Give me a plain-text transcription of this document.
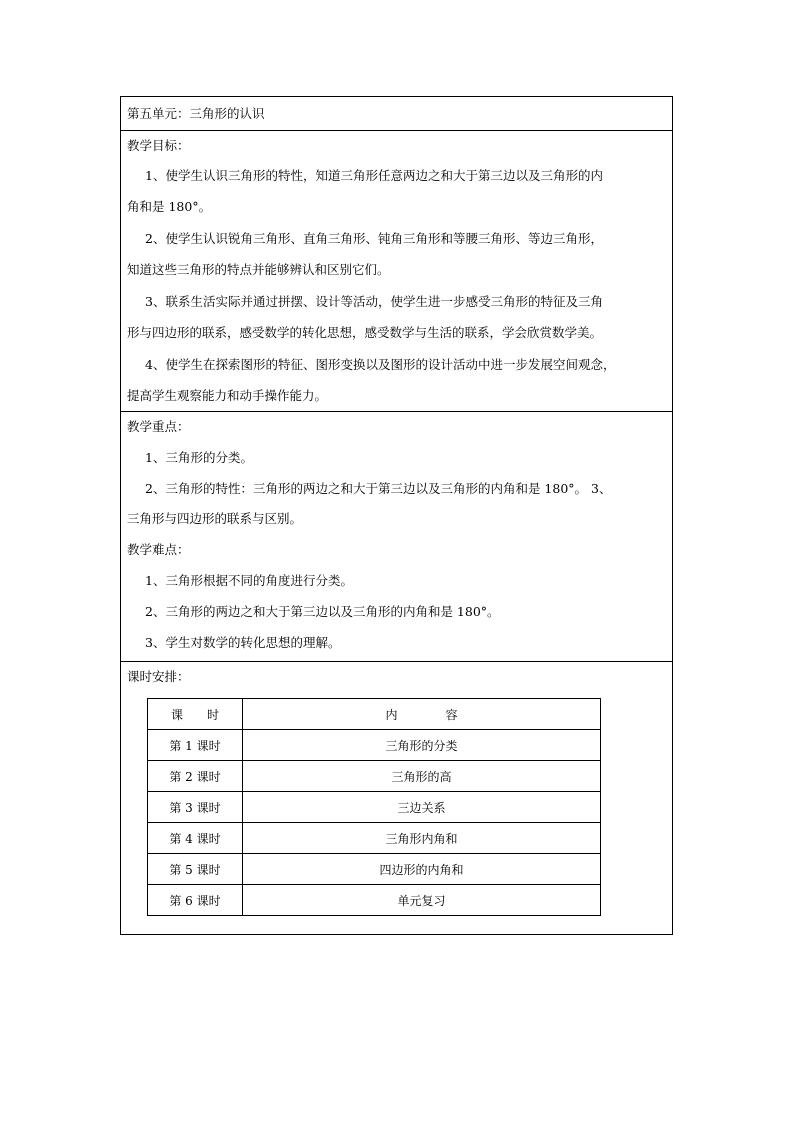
第五单元：三角形的认识
教学目标：
1、使学生认识三角形的特性，知道三角形任意两边之和大于第三边以及三角形的内
角和是 180°。
2、使学生认识锐角三角形、直角三角形、钝角三角形和等腰三角形、等边三角形，
知道这些三角形的特点并能够辨认和区别它们。
3、联系生活实际并通过拼摆、设计等活动，使学生进一步感受三角形的特征及三角
形与四边形的联系，感受数学的转化思想，感受数学与生活的联系，学会欣赏数学美。
4、使学生在探索图形的特征、图形变换以及图形的设计活动中进一步发展空间观念，
提高学生观察能力和动手操作能力。
教学重点：
1、三角形的分类。
2、三角形的特性：三角形的两边之和大于第三边以及三角形的内角和是 180°。 3、
三角形与四边形的联系与区别。
教学难点：
1、三角形根据不同的角度进行分类。
2、三角形的两边之和大于第三边以及三角形的内角和是 180°。
3、学生对数学的转化思想的理解。
课时安排：
课　　时	内　　　　容
第 1 课时	三角形的分类
第 2 课时	三角形的高
第 3 课时	三边关系
第 4 课时	三角形内角和
第 5 课时	四边形的内角和
第 6 课时	单元复习
